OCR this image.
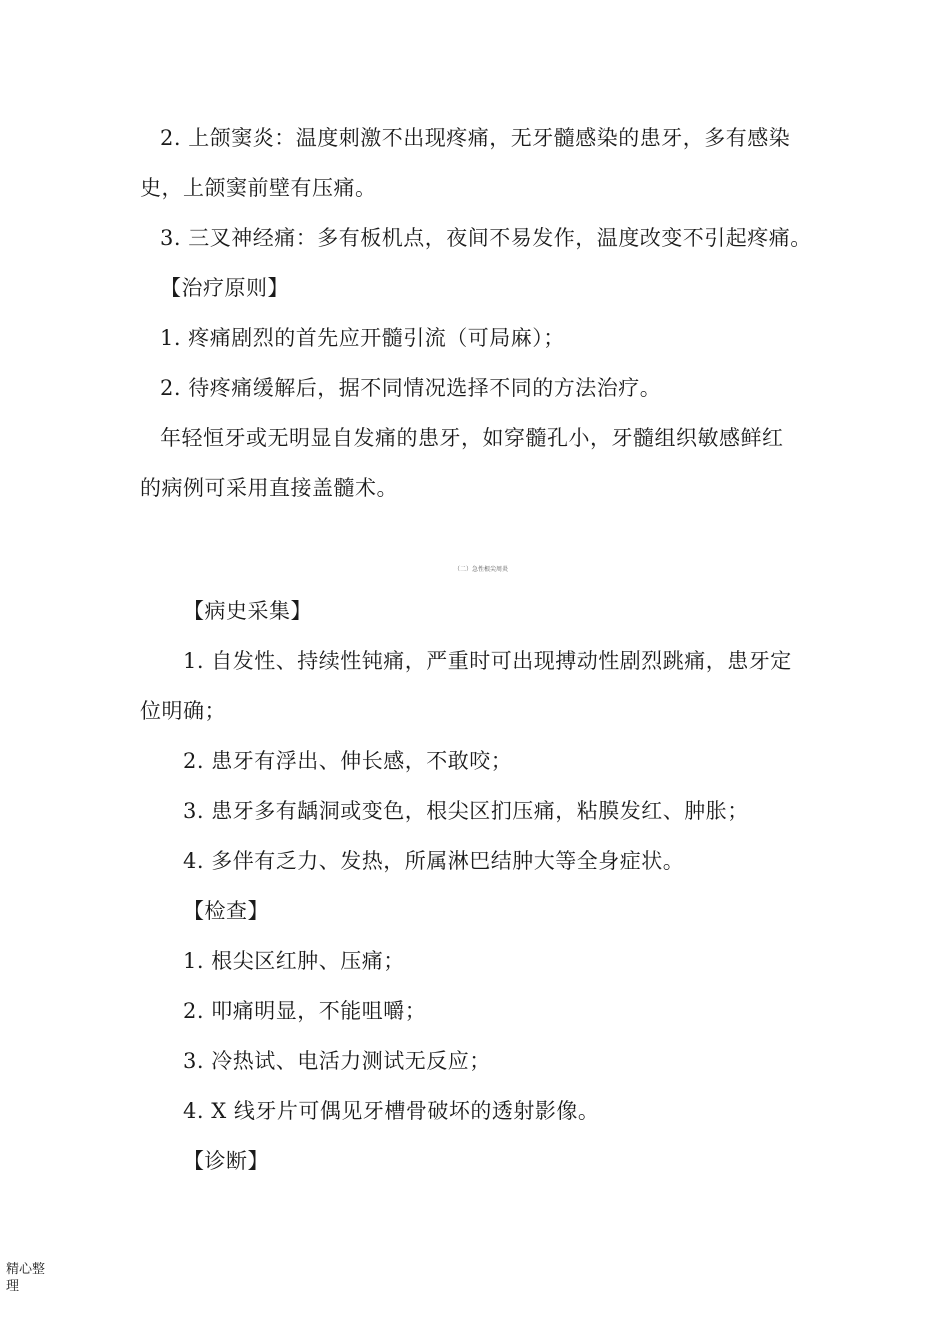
2. 上颌窦炎：温度刺激不出现疼痛，无牙髓感染的患牙，多有感染
史，上颌窦前壁有压痛。
3. 三叉神经痛：多有板机点，夜间不易发作，温度改变不引起疼痛。
【治疗原则】
1. 疼痛剧烈的首先应开髓引流（可局麻）；
2. 待疼痛缓解后，据不同情况选择不同的方法治疗。
年轻恒牙或无明显自发痛的患牙，如穿髓孔小，牙髓组织敏感鲜红
的病例可采用直接盖髓术。
（二）急性根尖周炎
【病史采集】
1. 自发性、持续性钝痛，严重时可出现搏动性剧烈跳痛，患牙定
位明确；
2. 患牙有浮出、伸长感，不敢咬；
3. 患牙多有龋洞或变色，根尖区扪压痛，粘膜发红、肿胀；
4. 多伴有乏力、发热，所属淋巴结肿大等全身症状。
【检查】
1. 根尖区红肿、压痛；
2. 叩痛明显，不能咀嚼；
3. 冷热试、电活力测试无反应；
4. X 线牙片可偶见牙槽骨破坏的透射影像。
【诊断】
精心整
理
